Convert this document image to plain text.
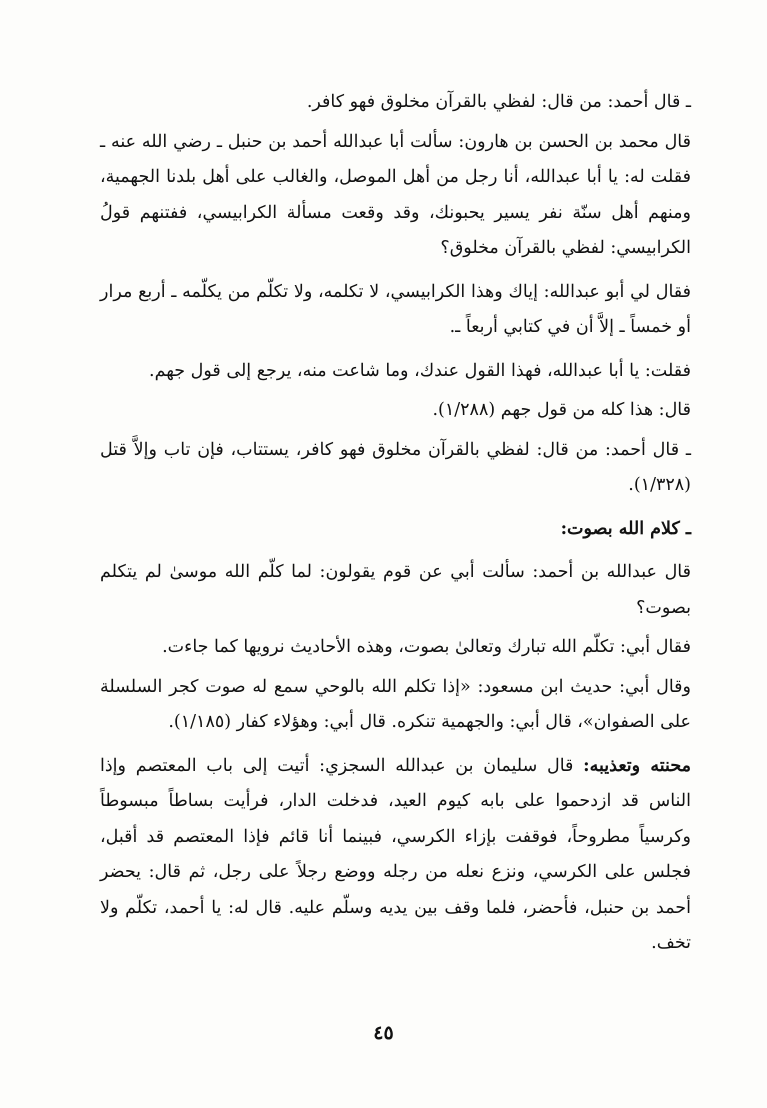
ـ قال أحمد: من قال: لفظي بالقرآن مخلوق فهو كافر.

قال محمد بن الحسن بن هارون: سألت أبا عبدالله أحمد بن حنبل ـ رضي الله عنه ـ فقلت له: يا أبا عبدالله، أنا رجل من أهل الموصل، والغالب على أهل بلدنا الجهمية، ومنهم أهل سنّة نفر يسير يحبونك، وقد وقعت مسألة الكرابيسي، ففتنهم قولُ الكرابيسي: لفظي بالقرآن مخلوق؟

فقال لي أبو عبدالله: إياك وهذا الكرابيسي، لا تكلمه، ولا تكلّم من يكلّمه ـ أربع مرار أو خمساً ـ إلاَّ أن في كتابي أربعاً ـ.

فقلت: يا أبا عبدالله، فهذا القول عندك، وما شاعت منه، يرجع إلى قول جهم.

قال: هذا كله من قول جهم (١/٢٨٨).

ـ قال أحمد: من قال: لفظي بالقرآن مخلوق فهو كافر، يستتاب، فإن تاب وإلاَّ قتل (١/٣٢٨).

ـ كلام الله بصوت:

قال عبدالله بن أحمد: سألت أبي عن قوم يقولون: لما كلّم الله موسىٰ لم يتكلم بصوت؟

فقال أبي: تكلّم الله تبارك وتعالىٰ بصوت، وهذه الأحاديث نرويها كما جاءت.

وقال أبي: حديث ابن مسعود: «إذا تكلم الله بالوحي سمع له صوت كجر السلسلة على الصفوان»، قال أبي: والجهمية تنكره. قال أبي: وهؤلاء كفار (١/١٨٥).

محنته وتعذيبه: قال سليمان بن عبدالله السجزي: أتيت إلى باب المعتصم وإذا الناس قد ازدحموا على بابه كيوم العيد، فدخلت الدار، فرأيت بساطاً مبسوطاً وكرسياً مطروحاً، فوقفت بإزاء الكرسي، فبينما أنا قائم فإذا المعتصم قد أقبل، فجلس على الكرسي، ونزع نعله من رجله ووضع رجلاً على رجل، ثم قال: يحضر أحمد بن حنبل، فأحضر، فلما وقف بين يديه وسلّم عليه. قال له: يا أحمد، تكلّم ولا تخف.

٤٥
